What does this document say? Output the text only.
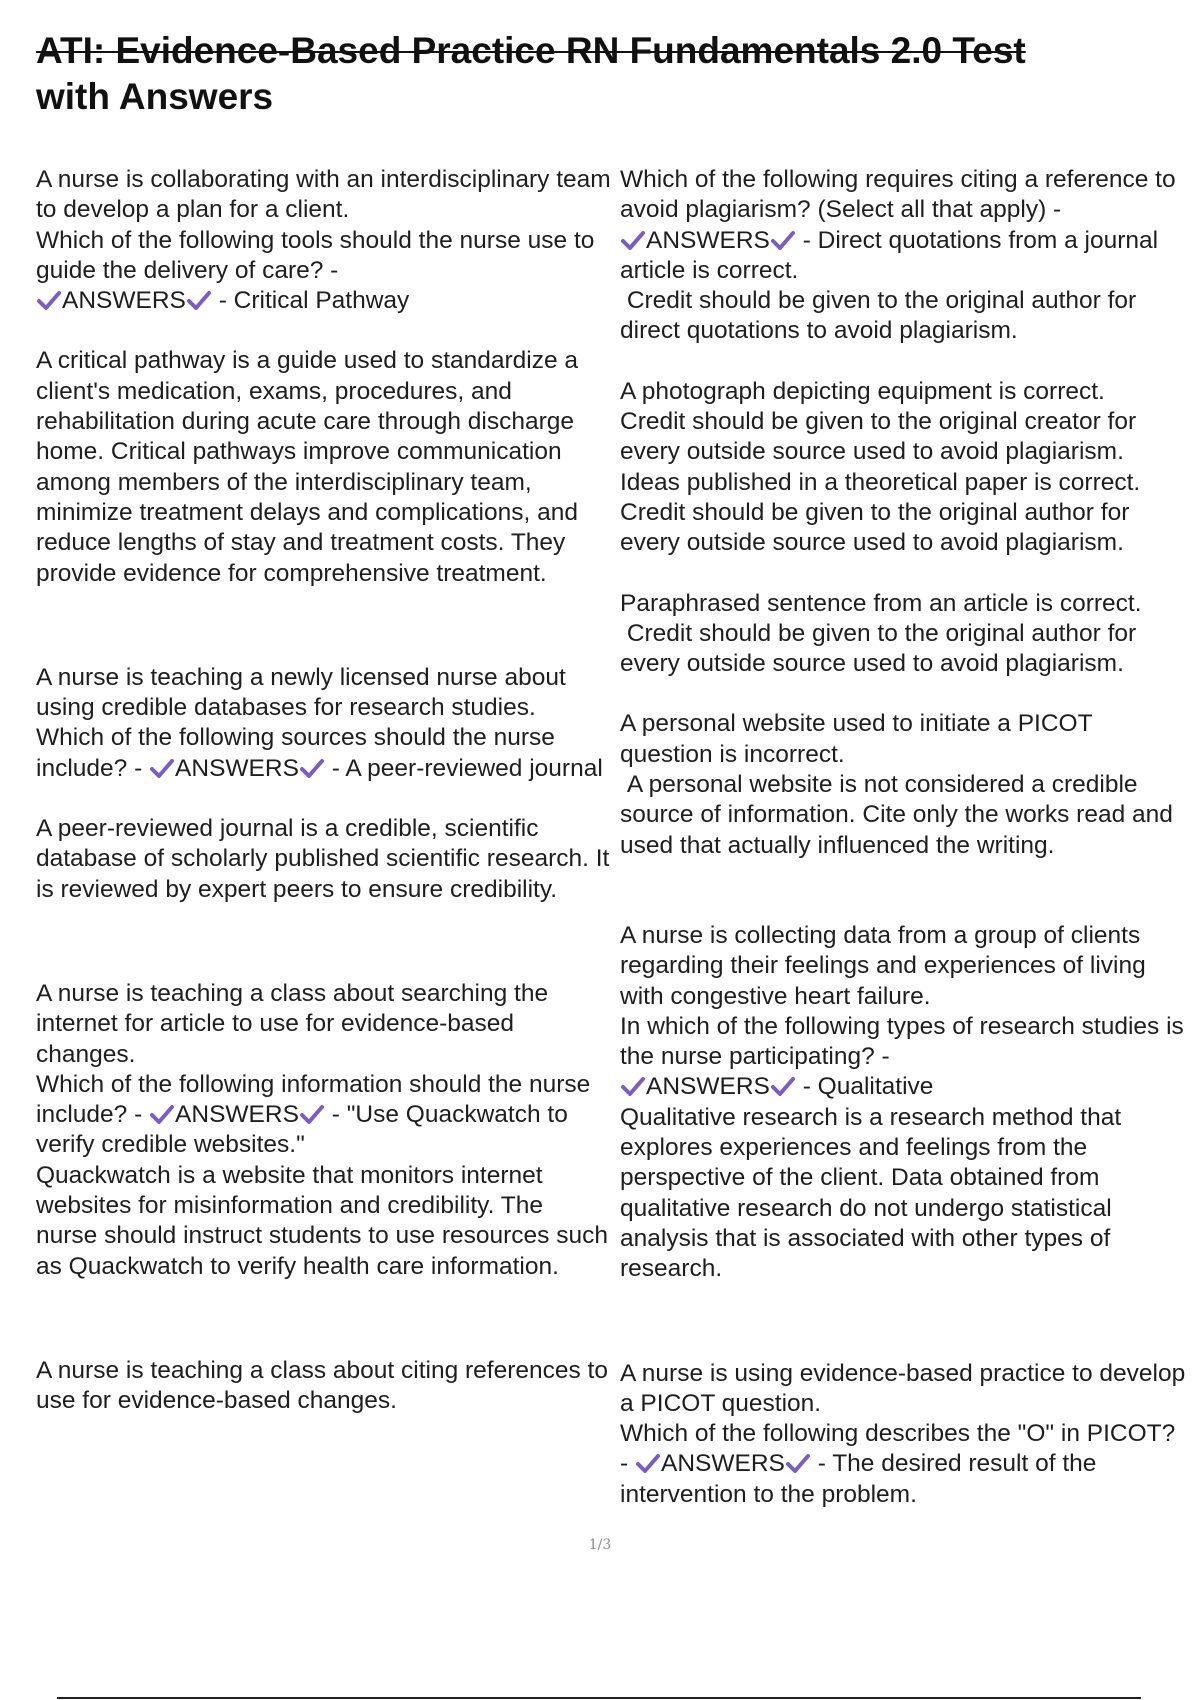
ATI: Evidence-Based Practice RN Fundamentals 2.0 Test
with Answers

A nurse is collaborating with an interdisciplinary team to develop a plan for a client.
Which of the following tools should the nurse use to guide the delivery of care? -

ANSWERS - Critical Pathway

A critical pathway is a guide used to standardize a client's medication, exams, procedures, and rehabilitation during acute care through discharge home. Critical pathways improve communication among members of the interdisciplinary team, minimize treatment delays and complications, and reduce lengths of stay and treatment costs. They provide evidence for comprehensive treatment.

A nurse is teaching a newly licensed nurse about using credible databases for research studies.
Which of the following sources should the nurse include? - ANSWERS - A peer-reviewed journal

A peer-reviewed journal is a credible, scientific database of scholarly published scientific research. It is reviewed by expert peers to ensure credibility.

A nurse is teaching a class about searching the internet for article to use for evidence-based changes.
Which of the following information should the nurse include? - ANSWERS - "Use Quackwatch to verify credible websites."
Quackwatch is a website that monitors internet websites for misinformation and credibility. The nurse should instruct students to use resources such as Quackwatch to verify health care information.

A nurse is teaching a class about citing references to use for evidence-based changes.

Which of the following requires citing a reference to avoid plagiarism? (Select all that apply) -

ANSWERS - Direct quotations from a journal article is correct.
Credit should be given to the original author for direct quotations to avoid plagiarism.

A photograph depicting equipment is correct.
Credit should be given to the original creator for every outside source used to avoid plagiarism.
Ideas published in a theoretical paper is correct.
Credit should be given to the original author for every outside source used to avoid plagiarism.

Paraphrased sentence from an article is correct.
Credit should be given to the original author for every outside source used to avoid plagiarism.

A personal website used to initiate a PICOT question is incorrect.
A personal website is not considered a credible source of information. Cite only the works read and used that actually influenced the writing.

A nurse is collecting data from a group of clients regarding their feelings and experiences of living with congestive heart failure.
In which of the following types of research studies is the nurse participating? -

ANSWERS - Qualitative
Qualitative research is a research method that explores experiences and feelings from the perspective of the client. Data obtained from qualitative research do not undergo statistical analysis that is associated with other types of research.

A nurse is using evidence-based practice to develop a PICOT question.
Which of the following describes the "O" in PICOT? - ANSWERS - The desired result of the intervention to the problem.

1/3
